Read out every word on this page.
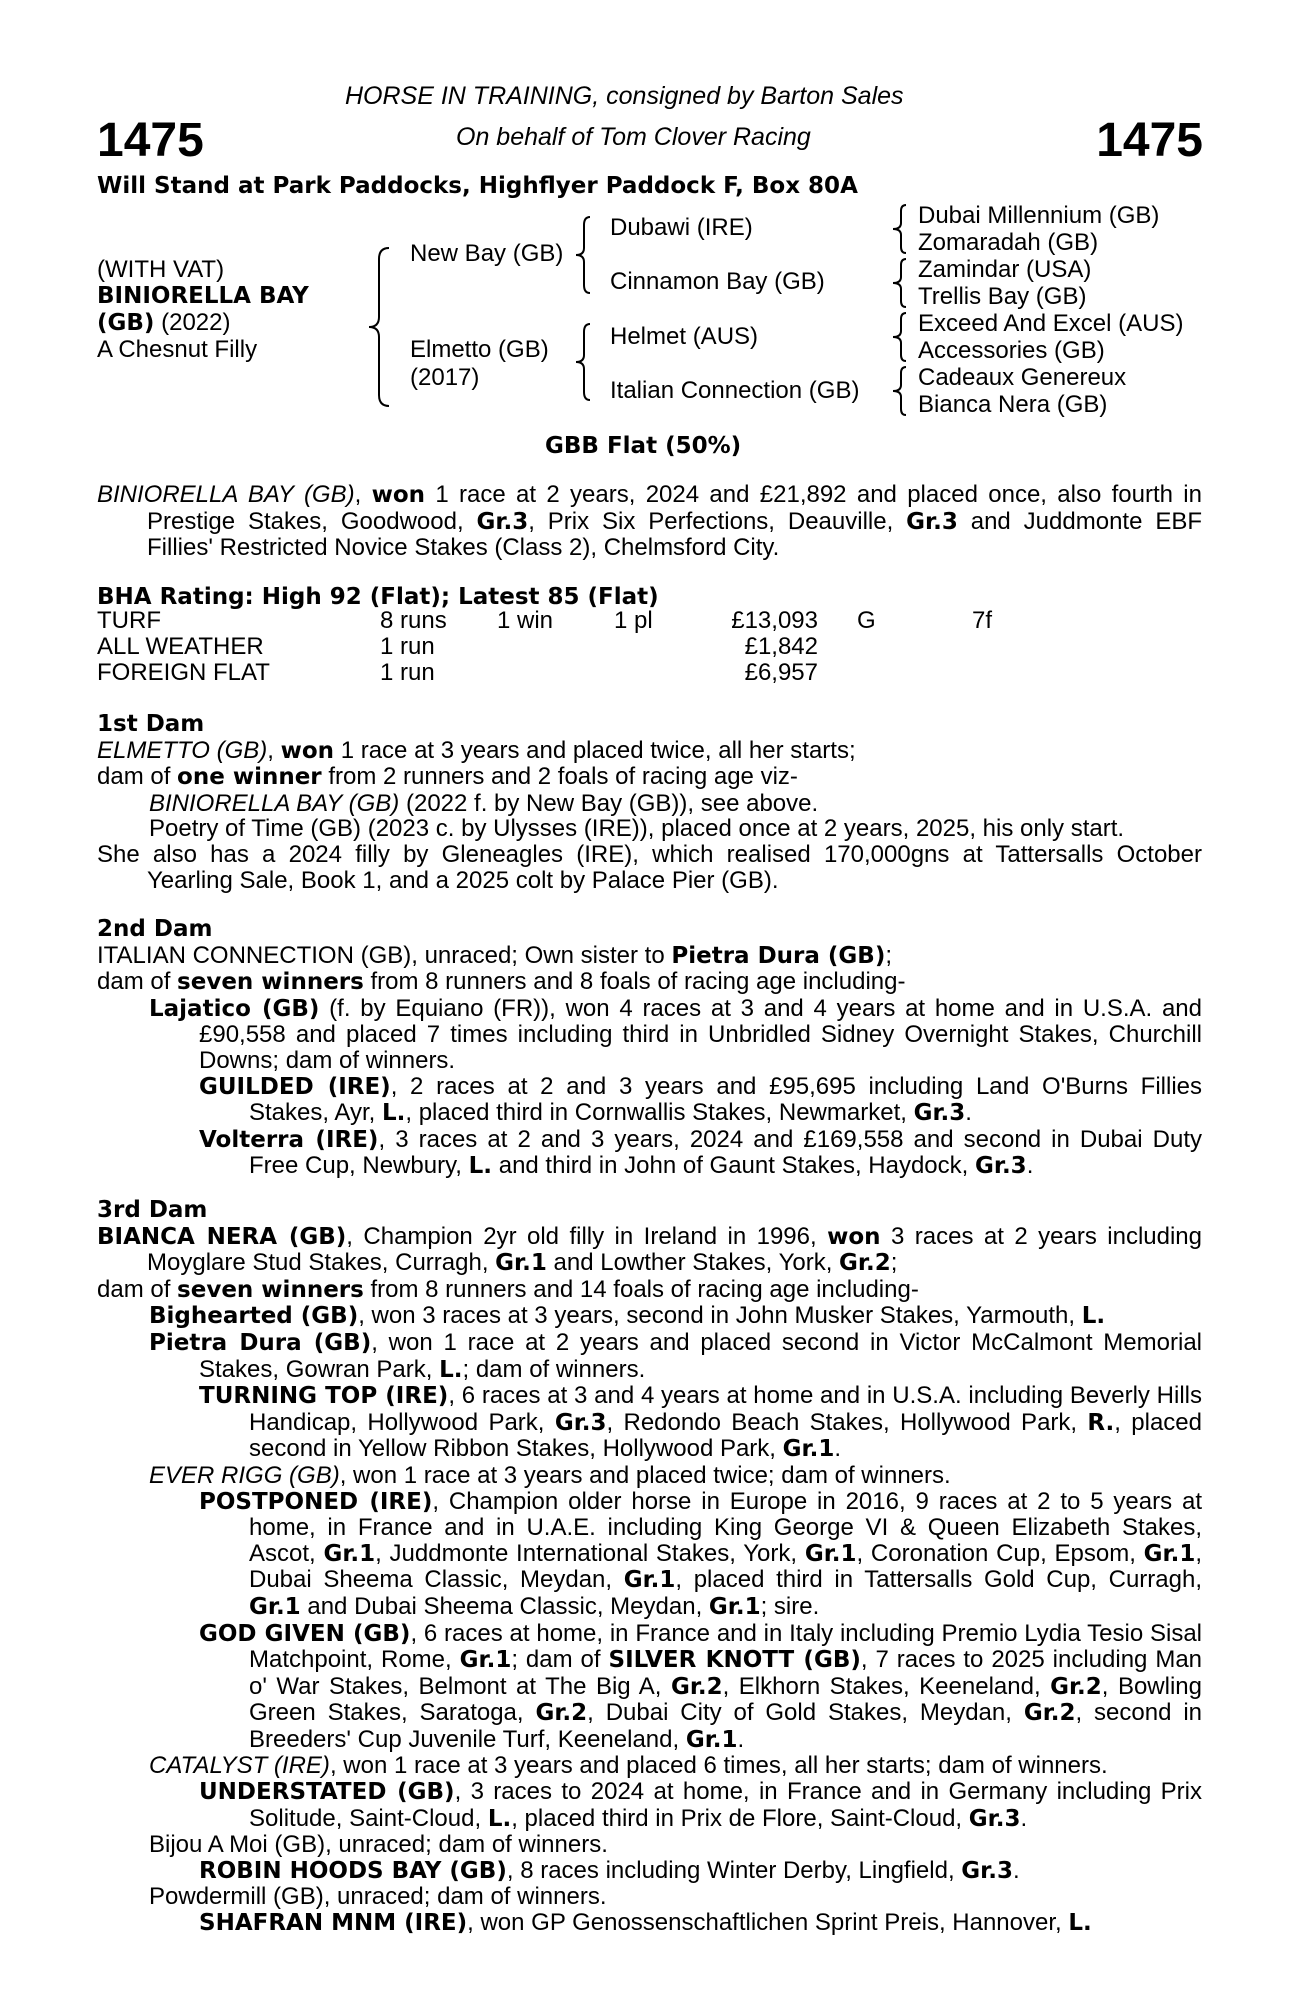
1475	1475
HORSE IN TRAINING, consigned by Barton Sales
On behalf of Tom Clover Racing
Will Stand at Park Paddocks, Highflyer Paddock F, Box 80A
(WITH VAT)
BINIORELLA BAY
(GB) (2022)
A Chesnut Filly
New Bay (GB)
Elmetto (GB)
(2017)
Dubawi (IRE)
Cinnamon Bay (GB)
Helmet (AUS)
Italian Connection (GB)
Dubai Millennium (GB)
Zomaradah (GB)
Zamindar (USA)
Trellis Bay (GB)
Exceed And Excel (AUS)
Accessories (GB)
Cadeaux Genereux
Bianca Nera (GB)
GBB Flat (50%)

BINIORELLA BAY (GB), won 1 race at 2 years, 2024 and £21,892 and placed once, also fourth in Prestige Stakes, Goodwood, Gr.3, Prix Six Perfections, Deauville, Gr.3 and Juddmonte EBF Fillies' Restricted Novice Stakes (Class 2), Chelmsford City.

BHA Rating: High 92 (Flat); Latest 85 (Flat)
TURF	8 runs 1 win	1 pl	£13,093 G	7f
ALL WEATHER	1 run	£1,842
FOREIGN FLAT	1 run	£6,957

1st Dam

ELMETTO (GB), won 1 race at 3 years and placed twice, all her starts;

dam of one winner from 2 runners and 2 foals of racing age viz-

BINIORELLA BAY (GB) (2022 f. by New Bay (GB)), see above.

Poetry of Time (GB) (2023 c. by Ulysses (IRE)), placed once at 2 years, 2025, his only start.

She also has a 2024 filly by Gleneagles (IRE), which realised 170,000gns at Tattersalls October Yearling Sale, Book 1, and a 2025 colt by Palace Pier (GB).

2nd Dam

ITALIAN CONNECTION (GB), unraced; Own sister to Pietra Dura (GB);

dam of seven winners from 8 runners and 8 foals of racing age including-

Lajatico (GB) (f. by Equiano (FR)), won 4 races at 3 and 4 years at home and in U.S.A. and £90,558 and placed 7 times including third in Unbridled Sidney Overnight Stakes, Churchill Downs; dam of winners.

GUILDED (IRE), 2 races at 2 and 3 years and £95,695 including Land O'Burns Fillies Stakes, Ayr, L., placed third in Cornwallis Stakes, Newmarket, Gr.3.

Volterra (IRE), 3 races at 2 and 3 years, 2024 and £169,558 and second in Dubai Duty Free Cup, Newbury, L. and third in John of Gaunt Stakes, Haydock, Gr.3.

3rd Dam

BIANCA NERA (GB), Champion 2yr old filly in Ireland in 1996, won 3 races at 2 years including Moyglare Stud Stakes, Curragh, Gr.1 and Lowther Stakes, York, Gr.2;

dam of seven winners from 8 runners and 14 foals of racing age including-

Bighearted (GB), won 3 races at 3 years, second in John Musker Stakes, Yarmouth, L.

Pietra Dura (GB), won 1 race at 2 years and placed second in Victor McCalmont Memorial Stakes, Gowran Park, L.; dam of winners.

TURNING TOP (IRE), 6 races at 3 and 4 years at home and in U.S.A. including Beverly Hills Handicap, Hollywood Park, Gr.3, Redondo Beach Stakes, Hollywood Park, R., placed second in Yellow Ribbon Stakes, Hollywood Park, Gr.1.

EVER RIGG (GB), won 1 race at 3 years and placed twice; dam of winners.

POSTPONED (IRE), Champion older horse in Europe in 2016, 9 races at 2 to 5 years at home, in France and in U.A.E. including King George VI & Queen Elizabeth Stakes, Ascot, Gr.1, Juddmonte International Stakes, York, Gr.1, Coronation Cup, Epsom, Gr.1, Dubai Sheema Classic, Meydan, Gr.1, placed third in Tattersalls Gold Cup, Curragh, Gr.1 and Dubai Sheema Classic, Meydan, Gr.1; sire.

GOD GIVEN (GB), 6 races at home, in France and in Italy including Premio Lydia Tesio Sisal Matchpoint, Rome, Gr.1; dam of SILVER KNOTT (GB), 7 races to 2025 including Man o' War Stakes, Belmont at The Big A, Gr.2, Elkhorn Stakes, Keeneland, Gr.2, Bowling Green Stakes, Saratoga, Gr.2, Dubai City of Gold Stakes, Meydan, Gr.2, second in Breeders' Cup Juvenile Turf, Keeneland, Gr.1.

CATALYST (IRE), won 1 race at 3 years and placed 6 times, all her starts; dam of winners.

UNDERSTATED (GB), 3 races to 2024 at home, in France and in Germany including Prix Solitude, Saint-Cloud, L., placed third in Prix de Flore, Saint-Cloud, Gr.3.

Bijou A Moi (GB), unraced; dam of winners.

ROBIN HOODS BAY (GB), 8 races including Winter Derby, Lingfield, Gr.3.

Powdermill (GB), unraced; dam of winners.

SHAFRAN MNM (IRE), won GP Genossenschaftlichen Sprint Preis, Hannover, L.
